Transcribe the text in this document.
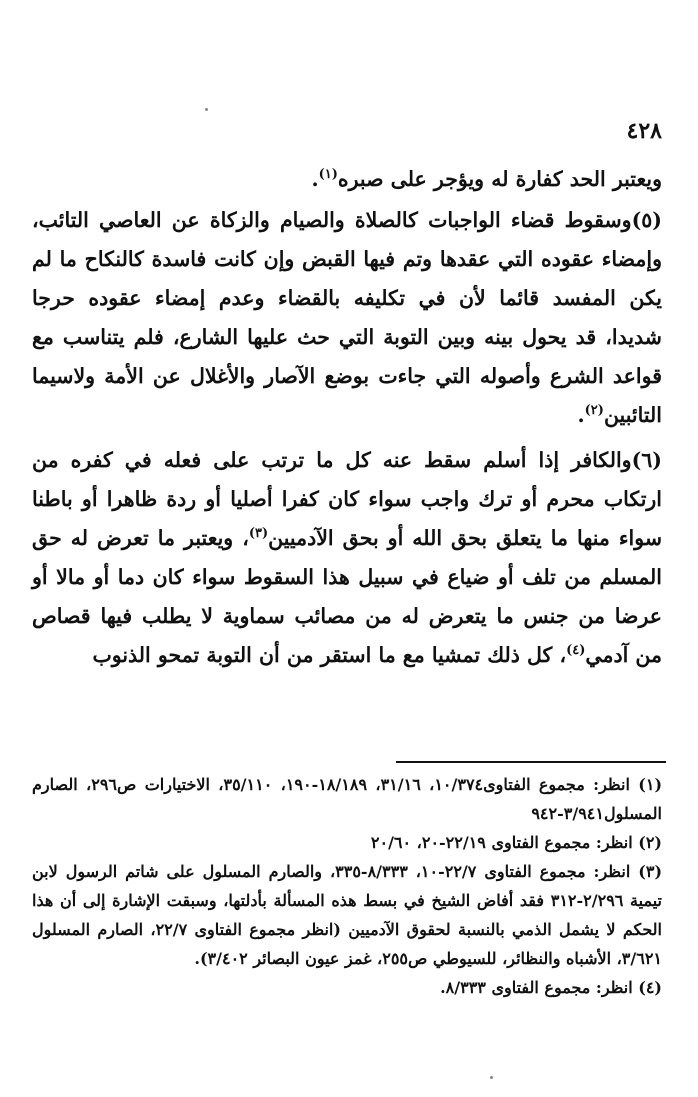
٤٢٨

ويعتبر الحد كفارة له ويؤجر على صبره$^{(١)}$.

(٥)وسقوط قضاء الواجبات كالصلاة والصيام والزكاة عن العاصي التائب، وإمضاء عقوده التي عقدها وتم فيها القبض وإن كانت فاسدة كالنكاح ما لم يكن المفسد قائما لأن في تكليفه بالقضاء وعدم إمضاء عقوده حرجا شديدا، قد يحول بينه وبين التوبة التي حث عليها الشارع، فلم يتناسب مع قواعد الشرع وأصوله التي جاءت بوضع الآصار والأغلال عن الأمة ولاسيما التائبين$^{(٢)}$.

(٦)والكافر إذا أسلم سقط عنه كل ما ترتب على فعله في كفره من ارتكاب محرم أو ترك واجب سواء كان كفرا أصليا أو ردة ظاهرا أو باطنا سواء منها ما يتعلق بحق الله أو بحق الآدميين$^{(٣)}$، ويعتبر ما تعرض له حق المسلم من تلف أو ضياع في سبيل هذا السقوط سواء كان دما أو مالا أو عرضا من جنس ما يتعرض له من مصائب سماوية لا يطلب فيها قصاص من آدمي$^{(٤)}$، كل ذلك تمشيا مع ما استقر من أن التوبة تمحو الذنوب

(١) انظر: مجموع الفتاوى١٠/٣٧٤، ٣١/١٦، ١٨/١٨٩-١٩٠، ٣٥/١١٠، الاختيارات ص٢٩٦، الصارم المسلول٣/٩٤١-٩٤٢

(٢) انظر: مجموع الفتاوى ٢٢/١٩-٢٠، ٢٠/٦٠

(٣) انظر: مجموع الفتاوى ٢٢/٧-١٠، ٨/٣٣٣-٣٣٥، والصارم المسلول على شاتم الرسول لابن تيمية ٢/٢٩٦-٣١٢ فقد أفاض الشيخ في بسط هذه المسألة بأدلتها، وسبقت الإشارة إلى أن هذا الحكم لا يشمل الذمي بالنسبة لحقوق الآدميين (انظر مجموع الفتاوى ٢٢/٧، الصارم المسلول ٣/٦٢١، الأشباه والنظائر، للسيوطي ص٢٥٥، غمز عيون البصائر ٣/٤٠٢).

(٤) انظر: مجموع الفتاوى ٨/٣٣٣.
